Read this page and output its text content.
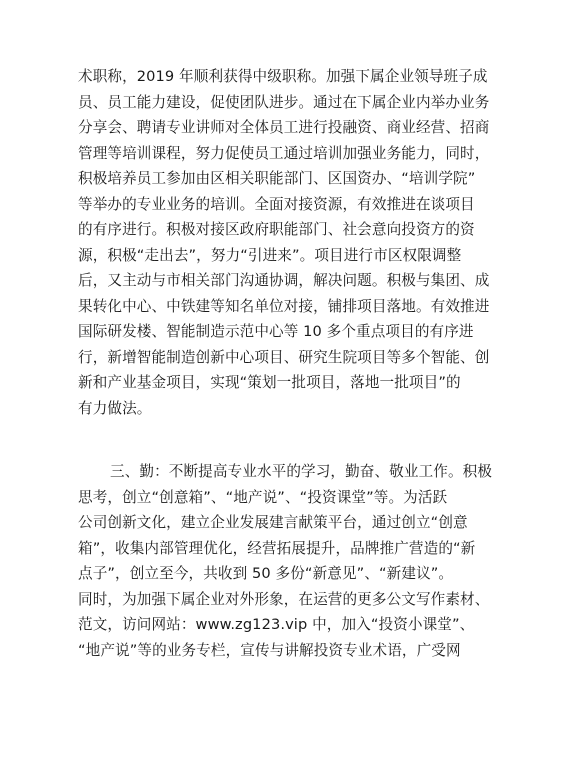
术职称，2019 年顺利获得中级职称。加强下属企业领导班子成
员、员工能力建设，促使团队进步。通过在下属企业内举办业务
分享会、聘请专业讲师对全体员工进行投融资、商业经营、招商
管理等培训课程，努力促使员工通过培训加强业务能力，同时，
积极培养员工参加由区相关职能部门、区国资办、“培训学院”
等举办的专业业务的培训。全面对接资源，有效推进在谈项目
的有序进行。积极对接区政府职能部门、社会意向投资方的资
源，积极“走出去”，努力“引进来”。项目进行市区权限调整
后，又主动与市相关部门沟通协调，解决问题。积极与集团、成
果转化中心、中铁建等知名单位对接，铺排项目落地。有效推进
国际研发楼、智能制造示范中心等 10 多个重点项目的有序进
行，新增智能制造创新中心项目、研究生院项目等多个智能、创
新和产业基金项目，实现“策划一批项目，落地一批项目”的
有力做法。
三、勤：不断提高专业水平的学习，勤奋、敬业工作。积极
思考，创立“创意箱”、“地产说”、“投资课堂”等。为活跃
公司创新文化，建立企业发展建言献策平台，通过创立“创意
箱”，收集内部管理优化，经营拓展提升，品牌推广营造的“新
点子”，创立至今，共收到 50 多份“新意见”、“新建议”。
同时，为加强下属企业对外形象，在运营的更多公文写作素材、
范文，访问网站：www.zg123.vip 中，加入“投资小课堂”、
“地产说”等的业务专栏，宣传与讲解投资专业术语，广受网
